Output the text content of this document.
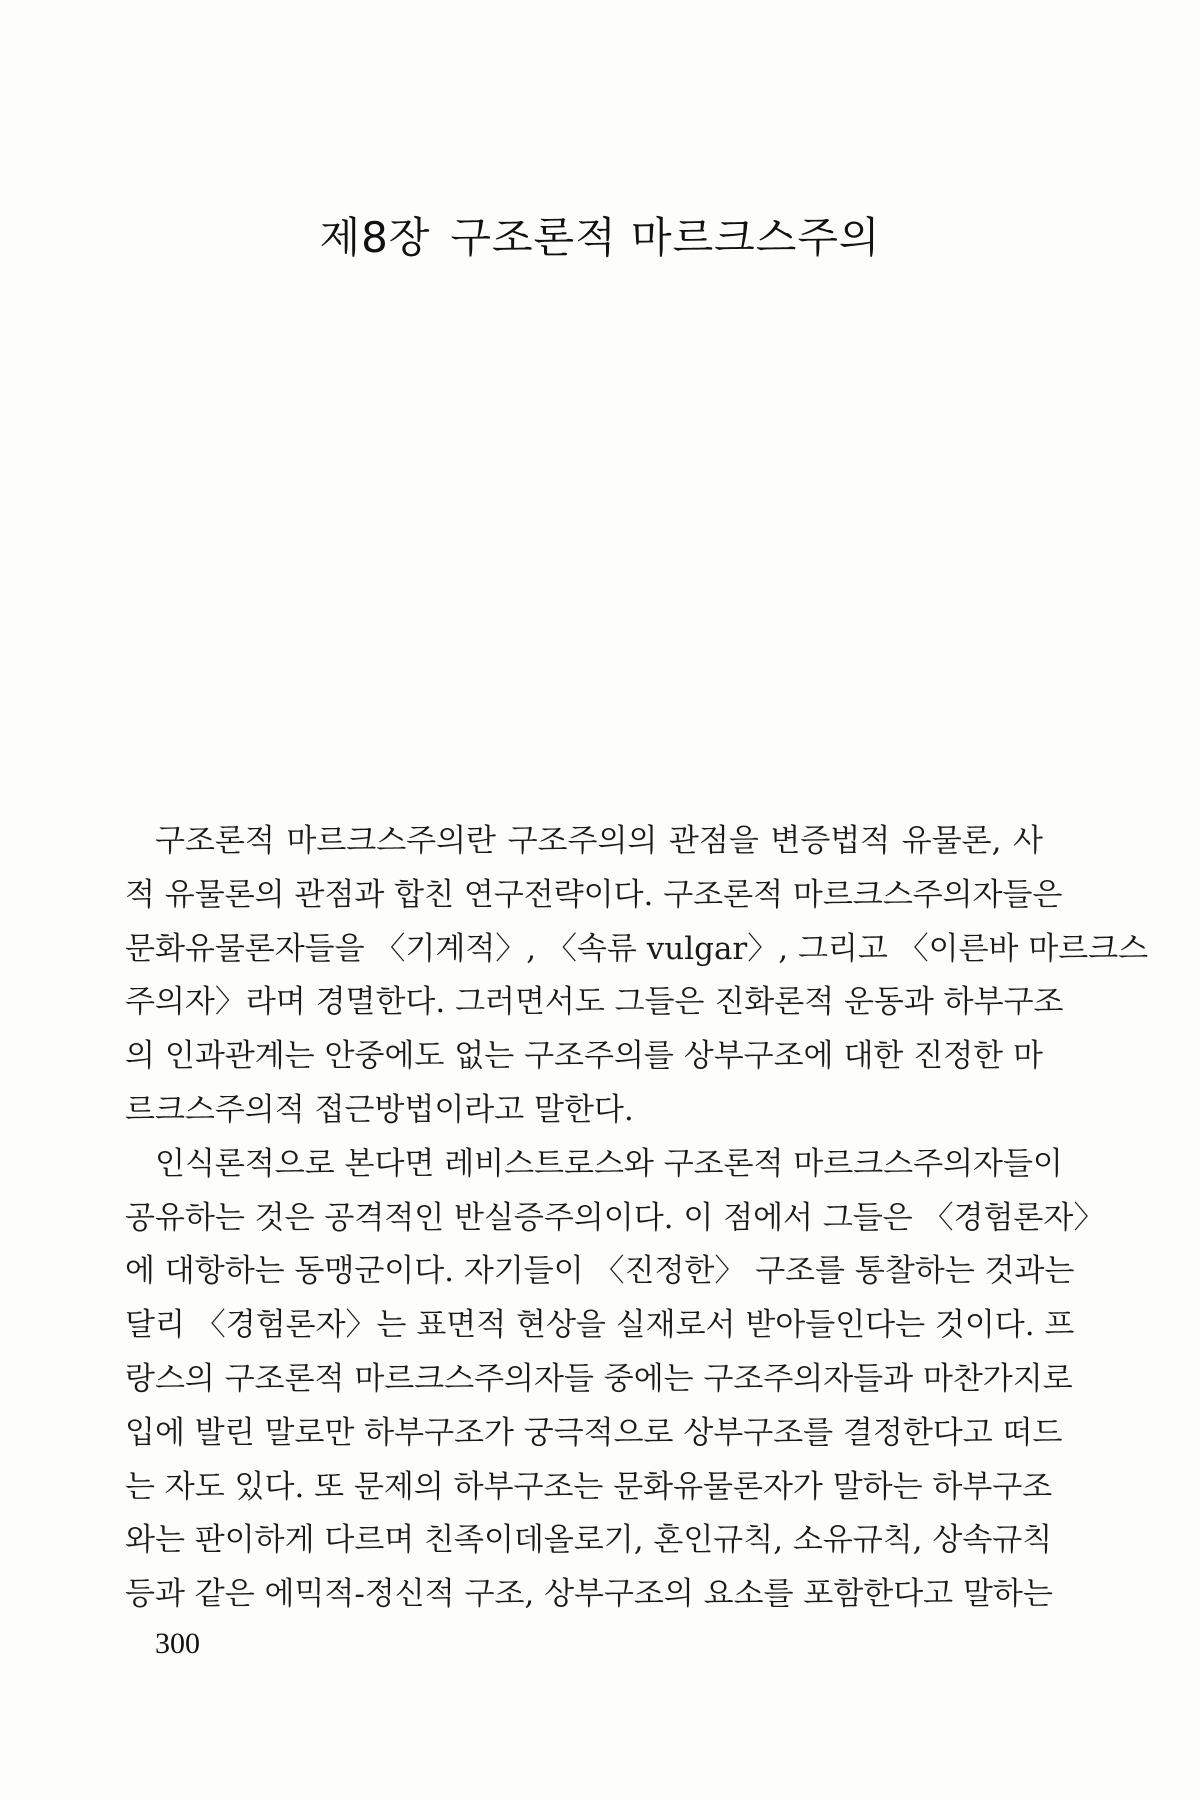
제8장 구조론적 마르크스주의
구조론적 마르크스주의란 구조주의의 관점을 변증법적 유물론, 사
적 유물론의 관점과 합친 연구전략이다. 구조론적 마르크스주의자들은
문화유물론자들을 〈기계적〉, 〈속류 vulgar〉, 그리고 〈이른바 마르크스
주의자〉라며 경멸한다. 그러면서도 그들은 진화론적 운동과 하부구조
의 인과관계는 안중에도 없는 구조주의를 상부구조에 대한 진정한 마
르크스주의적 접근방법이라고 말한다.
인식론적으로 본다면 레비스트로스와 구조론적 마르크스주의자들이
공유하는 것은 공격적인 반실증주의이다. 이 점에서 그들은 〈경험론자〉
에 대항하는 동맹군이다. 자기들이 〈진정한〉 구조를 통찰하는 것과는
달리 〈경험론자〉는 표면적 현상을 실재로서 받아들인다는 것이다. 프
랑스의 구조론적 마르크스주의자들 중에는 구조주의자들과 마찬가지로
입에 발린 말로만 하부구조가 궁극적으로 상부구조를 결정한다고 떠드
는 자도 있다. 또 문제의 하부구조는 문화유물론자가 말하는 하부구조
와는 판이하게 다르며 친족이데올로기, 혼인규칙, 소유규칙, 상속규칙
등과 같은 에믹적-정신적 구조, 상부구조의 요소를 포함한다고 말하는
300
